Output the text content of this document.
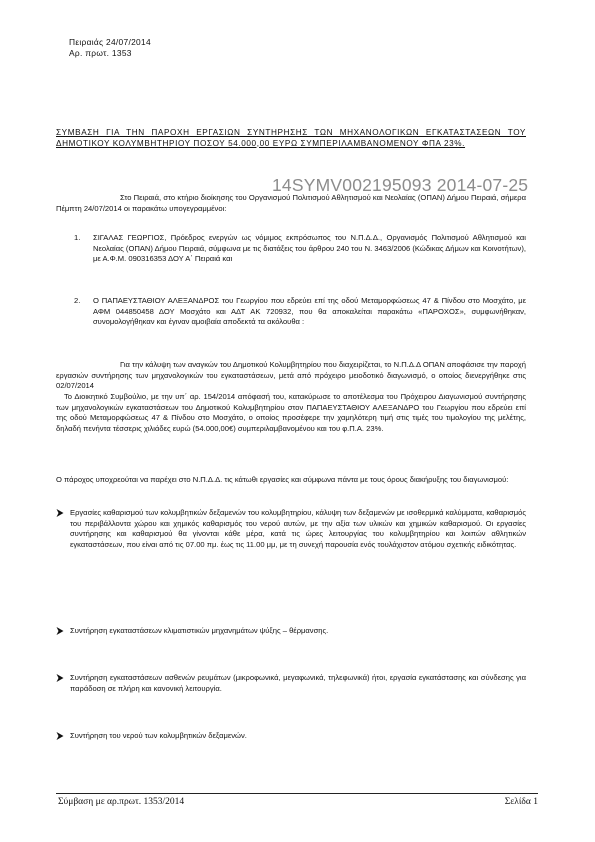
Πειραιάς 24/07/2014
Αρ. πρωτ. 1353
ΣΥΜΒΑΣΗ ΓΙΑ ΤΗΝ ΠΑΡΟΧΗ ΕΡΓΑΣΙΩΝ ΣΥΝΤΗΡΗΣΗΣ ΤΩΝ ΜΗΧΑΝΟΛΟΓΙΚΩΝ ΕΓΚΑΤΑΣΤΑΣΕΩΝ ΤΟΥ ΔΗΜΟΤΙΚΟΥ ΚΟΛΥΜΒΗΤΗΡΙΟΥ ΠΟΣΟΥ 54.000,00 ΕΥΡΩ ΣΥΜΠΕΡΙΛΑΜΒΑΝΟΜΕΝΟΥ ΦΠΑ 23%.
14SYMV002195093 2014-07-25
Στο Πειραιά, στο κτήριο διοίκησης του Οργανισμού Πολιτισμού Αθλητισμού και Νεολαίας (ΟΠΑΝ) Δήμου Πειραιά, σήμερα Πέμπτη 24/07/2014 οι παρακάτω υπογεγραμμένοι:
1. ΣΙΓΑΛΑΣ ΓΕΩΡΓΙΟΣ, Πρόεδρος ενεργών ως νόμιμος εκπρόσωπος του Ν.Π.Δ.Δ., Οργανισμός Πολιτισμού Αθλητισμού και Νεολαίας (ΟΠΑΝ) Δήμου Πειραιά, σύμφωνα με τις διατάξεις του άρθρου 240 του Ν. 3463/2006 (Κώδικας Δήμων και Κοινοτήτων), με Α.Φ.Μ. 090316353 ΔΟΥ Α΄ Πειραιά και
2. Ο ΠΑΠΑΕΥΣΤΑΘΙΟΥ ΑΛΕΞΑΝΔΡΟΣ του Γεωργίου που εδρεύει επί της οδού Μεταμορφώσεως 47 & Πίνδου στο Μοσχάτο, με ΑΦΜ 044850458 ΔΟΥ Μοσχάτο και ΑΔΤ ΑΚ 720932, που θα αποκαλείται παρακάτω «ΠΑΡΟΧΟΣ», συμφωνήθηκαν, συνομολογήθηκαν και έγιναν αμοιβαία αποδεκτά τα ακόλουθα :
Για την κάλυψη των αναγκών του Δημοτικού Κολυμβητηρίου που διαχειρίζεται, το Ν.Π.Δ.Δ ΟΠΑΝ αποφάσισε την παροχή εργασιών συντήρησης των μηχανολογικών του εγκαταστάσεων, μετά από πρόχειρο μειοδοτικό διαγωνισμό, ο οποίος διενεργήθηκε στις 02/07/2014
Το Διοικητικό Συμβούλιο, με την υπ΄ αρ. 154/2014 απόφασή του, κατακύρωσε το αποτέλεσμα του Πρόχειρου Διαγωνισμού συντήρησης των μηχανολογικών εγκαταστάσεων του Δημοτικού Κολυμβητηρίου στον ΠΑΠΑΕΥΣΤΑΘΙΟΥ ΑΛΕΞΑΝΔΡΟ του Γεωργίου που εδρεύει επί της οδού Μεταμορφώσεως 47 & Πίνδου στο Μοσχάτο, ο οποίος προσέφερε την χαμηλότερη τιμή στις τιμές του τιμολογίου της μελέτης, δηλαδή πενήντα τέσσερις χιλιάδες ευρώ (54.000,00€) συμπεριλαμβανομένου και του φ.Π.Α. 23%.
Ο πάροχος υποχρεούται να παρέχει στο Ν.Π.Δ.Δ. τις κάτωθι εργασίες και σύμφωνα πάντα με τους όρους διακήρυξης του διαγωνισμού:
Εργασίες καθαρισμού των κολυμβητικών δεξαμενών του κολυμβητηρίου, κάλυψη των δεξαμενών με ισοθερμικά καλύμματα, καθαρισμός του περιβάλλοντα χώρου και χημικός καθαρισμός του νερού αυτών, με την αξία των υλικών και χημικών καθαρισμού. Οι εργασίες συντήρησης και καθαρισμού θα γίνονται κάθε μέρα, κατά τις ώρες λειτουργίας του κολυμβητηρίου και λοιπών αθλητικών εγκαταστάσεων, που είναι από τις 07.00 πμ. έως τις 11.00 μμ, με τη συνεχή παρουσία ενός τουλάχιστον ατόμου σχετικής ειδικότητας.
Συντήρηση εγκαταστάσεων κλιματιστικών μηχανημάτων ψύξης – θέρμανσης.
Συντήρηση εγκαταστάσεων ασθενών ρευμάτων (μικροφωνικά, μεγαφωνικά, τηλεφωνικά) ήτοι, εργασία εγκατάστασης και σύνδεσης για παράδοση σε πλήρη και κανονική λειτουργία.
Συντήρηση του νερού των κολυμβητικών δεξαμενών.
Σύμβαση με αρ.πρωτ. 1353/2014	Σελίδα 1
